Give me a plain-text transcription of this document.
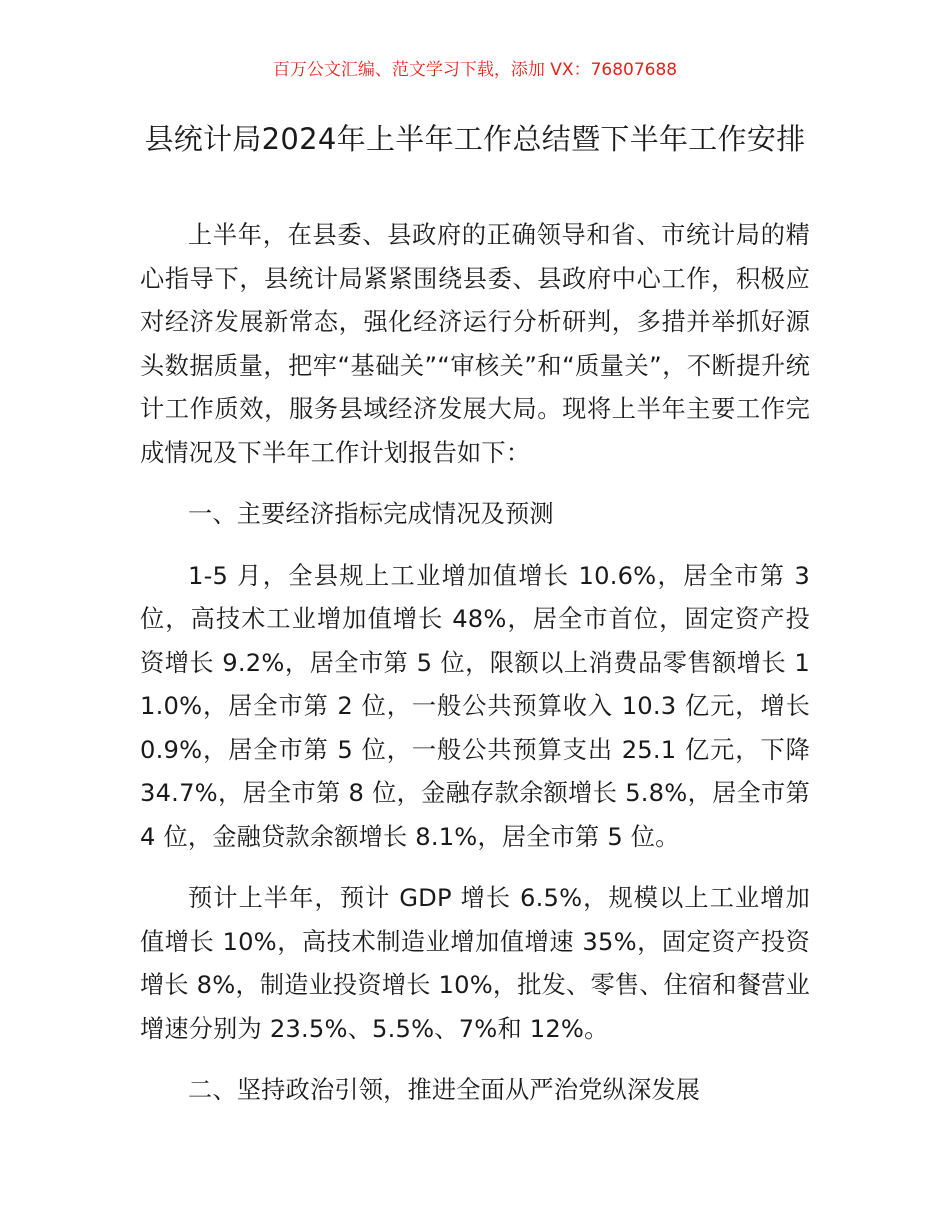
百万公文汇编、范文学习下载，添加 VX：76807688
县统计局2024年上半年工作总结暨下半年工作安排

上半年，在县委、县政府的正确领导和省、市统计局的精心指导下，县统计局紧紧围绕县委、县政府中心工作，积极应对经济发展新常态，强化经济运行分析研判，多措并举抓好源头数据质量，把牢“基础关”“审核关”和“质量关”，不断提升统计工作质效，服务县域经济发展大局。现将上半年主要工作完成情况及下半年工作计划报告如下：

一、主要经济指标完成情况及预测

1-5 月，全县规上工业增加值增长 10.6%，居全市第 3 位，高技术工业增加值增长 48%，居全市首位，固定资产投资增长 9.2%，居全市第 5 位，限额以上消费品零售额增长 11.0%，居全市第 2 位，一般公共预算收入 10.3 亿元，增长 0.9%，居全市第 5 位，一般公共预算支出 25.1 亿元，下降 34.7%，居全市第 8 位，金融存款余额增长 5.8%，居全市第 4 位，金融贷款余额增长 8.1%，居全市第 5 位。

预计上半年，预计 GDP 增长 6.5%，规模以上工业增加值增长 10%，高技术制造业增加值增速 35%，固定资产投资增长 8%，制造业投资增长 10%，批发、零售、住宿和餐营业增速分别为 23.5%、5.5%、7%和 12%。

二、坚持政治引领，推进全面从严治党纵深发展
